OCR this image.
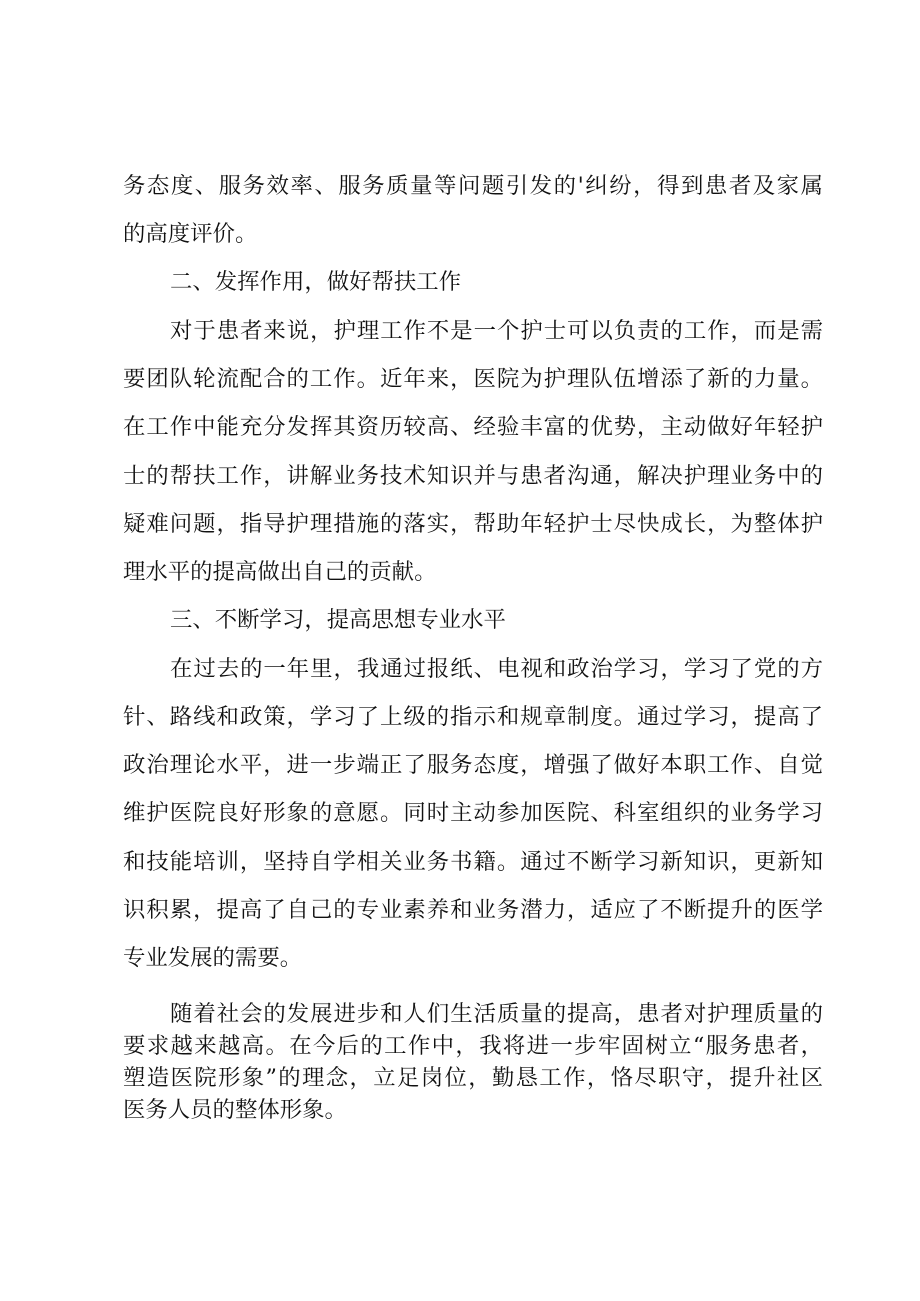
务态度、服务效率、服务质量等问题引发的'纠纷，得到患者及家属
的高度评价。
二、发挥作用，做好帮扶工作
对于患者来说，护理工作不是一个护士可以负责的工作，而是需
要团队轮流配合的工作。近年来，医院为护理队伍增添了新的力量。
在工作中能充分发挥其资历较高、经验丰富的优势，主动做好年轻护
士的帮扶工作，讲解业务技术知识并与患者沟通，解决护理业务中的
疑难问题，指导护理措施的落实，帮助年轻护士尽快成长，为整体护
理水平的提高做出自己的贡献。
三、不断学习，提高思想专业水平
在过去的一年里，我通过报纸、电视和政治学习，学习了党的方
针、路线和政策，学习了上级的指示和规章制度。通过学习，提高了
政治理论水平，进一步端正了服务态度，增强了做好本职工作、自觉
维护医院良好形象的意愿。同时主动参加医院、科室组织的业务学习
和技能培训，坚持自学相关业务书籍。通过不断学习新知识，更新知
识积累，提高了自己的专业素养和业务潜力，适应了不断提升的医学
专业发展的需要。
随着社会的发展进步和人们生活质量的提高，患者对护理质量的
要求越来越高。在今后的工作中，我将进一步牢固树立“服务患者，
塑造医院形象”的理念，立足岗位，勤恳工作，恪尽职守，提升社区
医务人员的整体形象。
